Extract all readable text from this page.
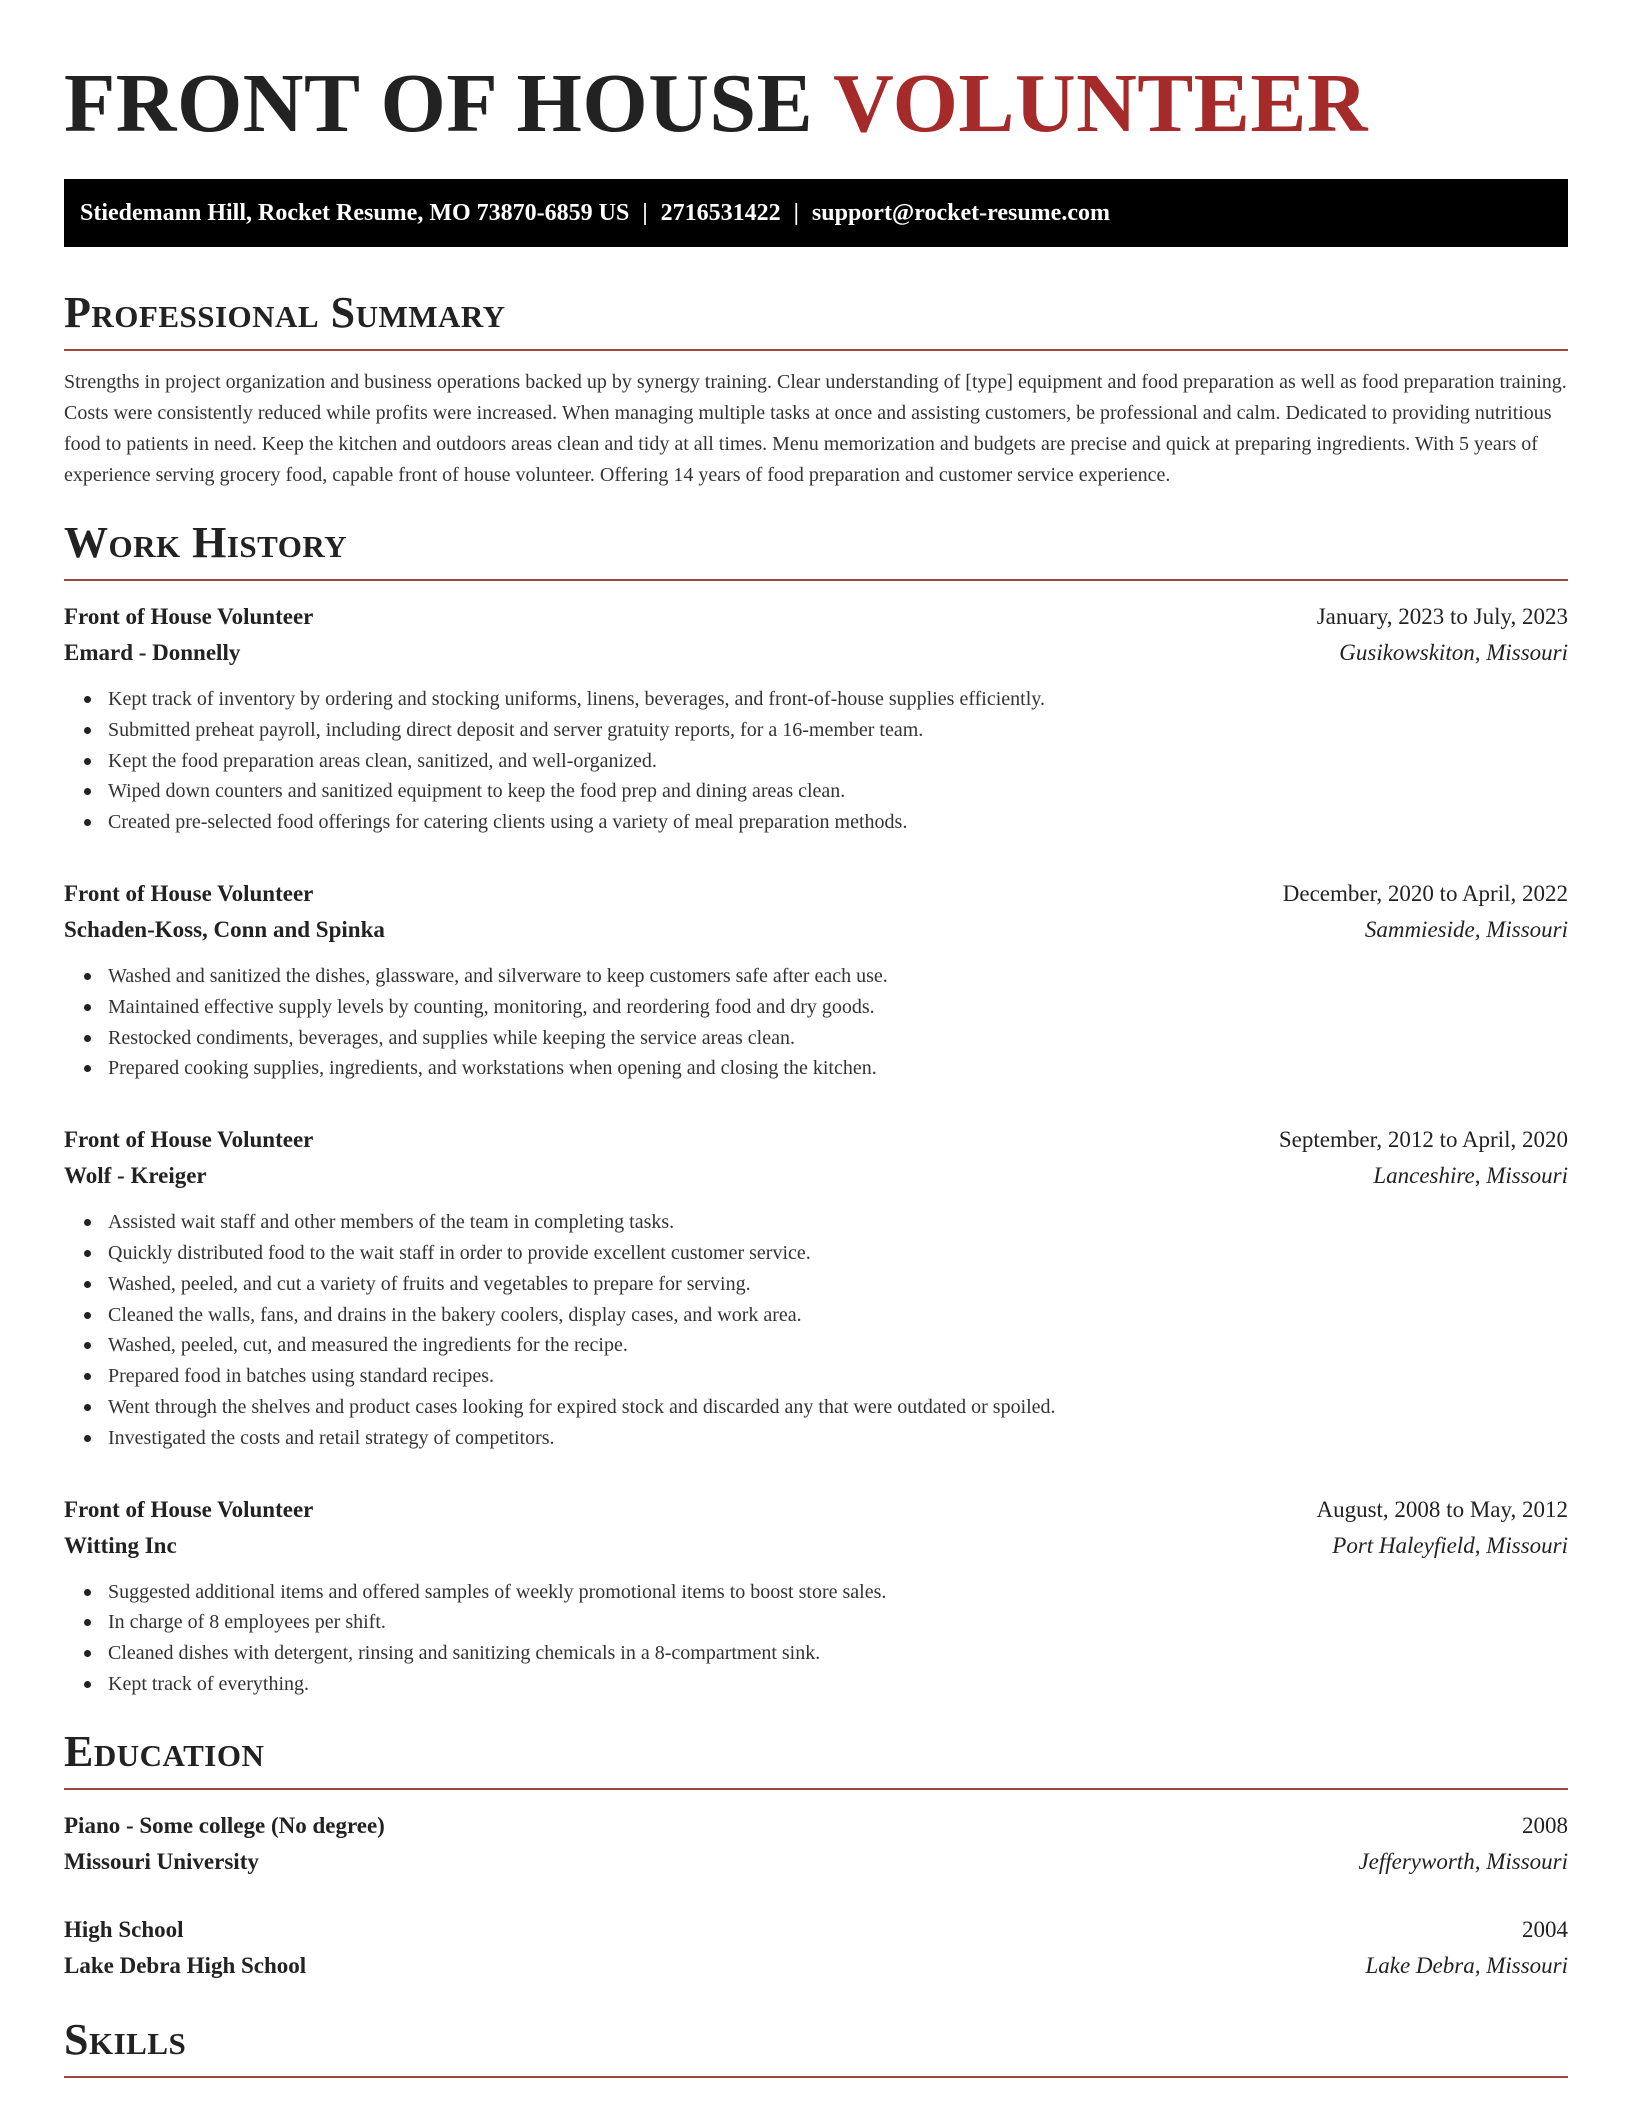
FRONT OF HOUSE VOLUNTEER
Stiedemann Hill, Rocket Resume, MO 73870-6859 US | 2716531422 | support@rocket-resume.com
Professional Summary

Strengths in project organization and business operations backed up by synergy training. Clear understanding of [type] equipment and food preparation as well as food preparation training. Costs were consistently reduced while profits were increased. When managing multiple tasks at once and assisting customers, be professional and calm. Dedicated to providing nutritious food to patients in need. Keep the kitchen and outdoors areas clean and tidy at all times. Menu memorization and budgets are precise and quick at preparing ingredients. With 5 years of experience serving grocery food, capable front of house volunteer. Offering 14 years of food preparation and customer service experience.

Work History
Front of House Volunteer	January, 2023 to July, 2023
Emard - Donnelly	Gusikowskiton, Missouri
Kept track of inventory by ordering and stocking uniforms, linens, beverages, and front-of-house supplies efficiently.
Submitted preheat payroll, including direct deposit and server gratuity reports, for a 16-member team.
Kept the food preparation areas clean, sanitized, and well-organized.
Wiped down counters and sanitized equipment to keep the food prep and dining areas clean.
Created pre-selected food offerings for catering clients using a variety of meal preparation methods.
Front of House Volunteer	December, 2020 to April, 2022
Schaden-Koss, Conn and Spinka	Sammieside, Missouri
Washed and sanitized the dishes, glassware, and silverware to keep customers safe after each use.
Maintained effective supply levels by counting, monitoring, and reordering food and dry goods.
Restocked condiments, beverages, and supplies while keeping the service areas clean.
Prepared cooking supplies, ingredients, and workstations when opening and closing the kitchen.
Front of House Volunteer	September, 2012 to April, 2020
Wolf - Kreiger	Lanceshire, Missouri
Assisted wait staff and other members of the team in completing tasks.
Quickly distributed food to the wait staff in order to provide excellent customer service.
Washed, peeled, and cut a variety of fruits and vegetables to prepare for serving.
Cleaned the walls, fans, and drains in the bakery coolers, display cases, and work area.
Washed, peeled, cut, and measured the ingredients for the recipe.
Prepared food in batches using standard recipes.
Went through the shelves and product cases looking for expired stock and discarded any that were outdated or spoiled.
Investigated the costs and retail strategy of competitors.
Front of House Volunteer	August, 2008 to May, 2012
Witting Inc	Port Haleyfield, Missouri
Suggested additional items and offered samples of weekly promotional items to boost store sales.
In charge of 8 employees per shift.
Cleaned dishes with detergent, rinsing and sanitizing chemicals in a 8-compartment sink.
Kept track of everything.
Education
Piano - Some college (No degree)	2008
Missouri University	Jefferyworth, Missouri
High School	2004
Lake Debra High School	Lake Debra, Missouri
Skills
